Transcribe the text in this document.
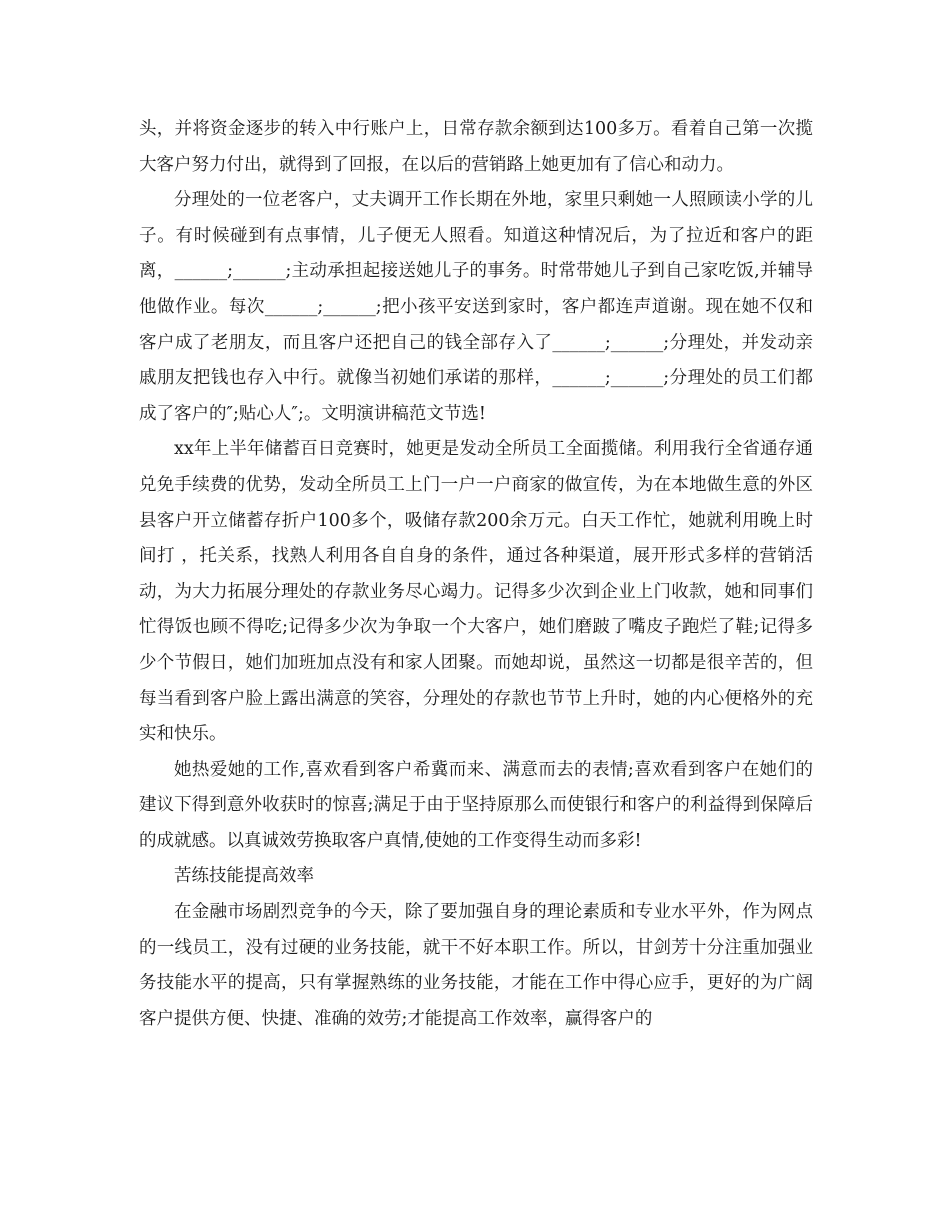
头，并将资金逐步的转入中行账户上，日常存款余额到达100多万。看着自己第一次揽大客户努力付出，就得到了回报，在以后的营销路上她更加有了信心和动力。

分理处的一位老客户，丈夫调开工作长期在外地，家里只剩她一人照顾读小学的儿子。有时候碰到有点事情，儿子便无人照看。知道这种情况后，为了拉近和客户的距离，______;______;主动承担起接送她儿子的事务。时常带她儿子到自己家吃饭,并辅导他做作业。每次______;______;把小孩平安送到家时，客户都连声道谢。现在她不仅和客户成了老朋友，而且客户还把自己的钱全部存入了______;______;分理处，并发动亲戚朋友把钱也存入中行。就像当初她们承诺的那样，______;______;分理处的员工们都成了客户的″;贴心人″;。文明演讲稿范文节选!

xx年上半年储蓄百日竞赛时，她更是发动全所员工全面揽储。利用我行全省通存通兑免手续费的优势，发动全所员工上门一户一户商家的做宣传，为在本地做生意的外区县客户开立储蓄存折户100多个，吸储存款200余万元。白天工作忙，她就利用晚上时间打 ，托关系，找熟人利用各自自身的条件，通过各种渠道，展开形式多样的营销活动，为大力拓展分理处的存款业务尽心竭力。记得多少次到企业上门收款，她和同事们忙得饭也顾不得吃;记得多少次为争取一个大客户，她们磨跛了嘴皮子跑烂了鞋;记得多少个节假日，她们加班加点没有和家人团聚。而她却说，虽然这一切都是很辛苦的，但每当看到客户脸上露出满意的笑容，分理处的存款也节节上升时，她的内心便格外的充实和快乐。

她热爱她的工作,喜欢看到客户希冀而来、满意而去的表情;喜欢看到客户在她们的建议下得到意外收获时的惊喜;满足于由于坚持原那么而使银行和客户的利益得到保障后的成就感。以真诚效劳换取客户真情,使她的工作变得生动而多彩!

苦练技能提高效率

在金融市场剧烈竞争的今天，除了要加强自身的理论素质和专业水平外，作为网点的一线员工，没有过硬的业务技能，就干不好本职工作。所以，甘剑芳十分注重加强业务技能水平的提高，只有掌握熟练的业务技能，才能在工作中得心应手，更好的为广阔客户提供方便、快捷、准确的效劳;才能提高工作效率，赢得客户的
